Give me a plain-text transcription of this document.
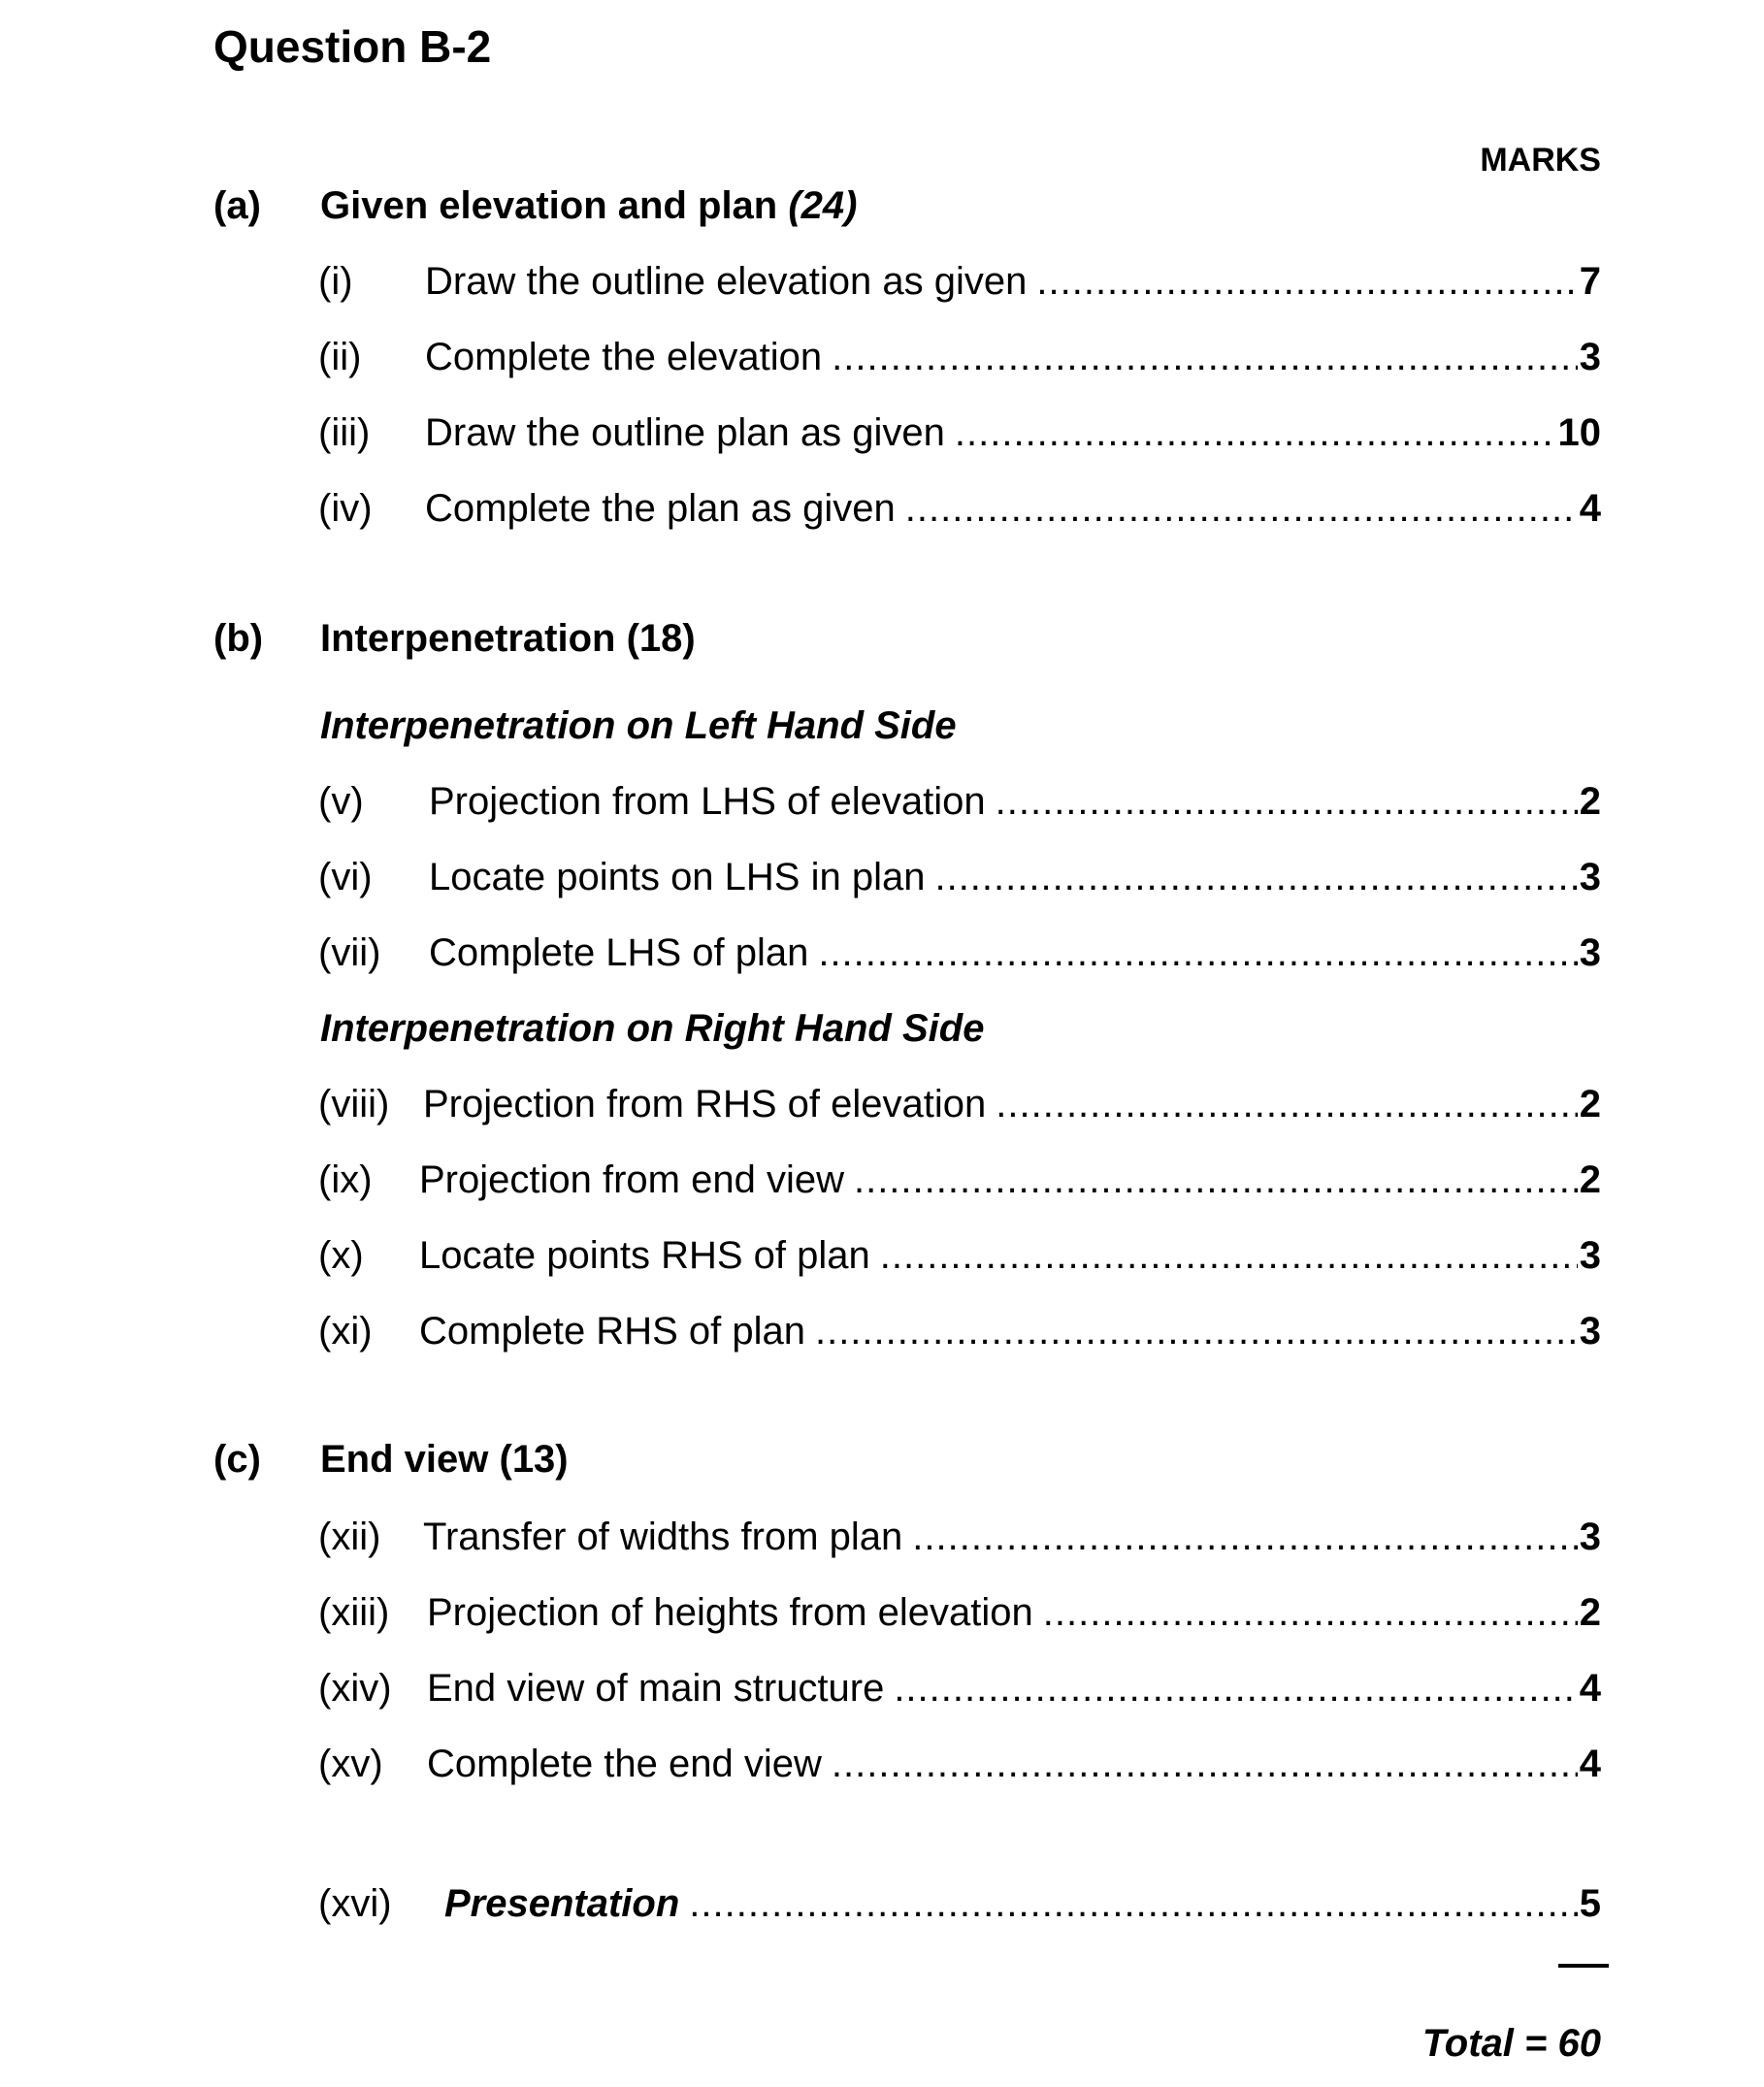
Question B-2
MARKS
(a) Given elevation and plan (24)
(i)	Draw the outline elevation as given .....	7
(ii)	Complete the elevation .....	3
(iii)	Draw the outline plan as given .....	10
(iv)	Complete the plan as given .....	4
(b) Interpenetration (18)
Interpenetration on Left Hand Side
(v)	Projection from LHS of elevation .....	2
(vi)	Locate points on LHS in plan .....	3
(vii)	Complete LHS of plan .....	3
Interpenetration on Right Hand Side
(viii) Projection from RHS of elevation .....	2
(ix)	Projection from end view .....	2
(x)	Locate points RHS of plan .....	3
(xi)	Complete RHS of plan .....	3
(c) End view (13)
(xii)	Transfer of widths from plan .....	3
(xiii) Projection of heights from elevation .....	2
(xiv) End view of main structure .....	4
(xv)	Complete the end view .....	4
(xvi)	Presentation .....	5
Total = 60
